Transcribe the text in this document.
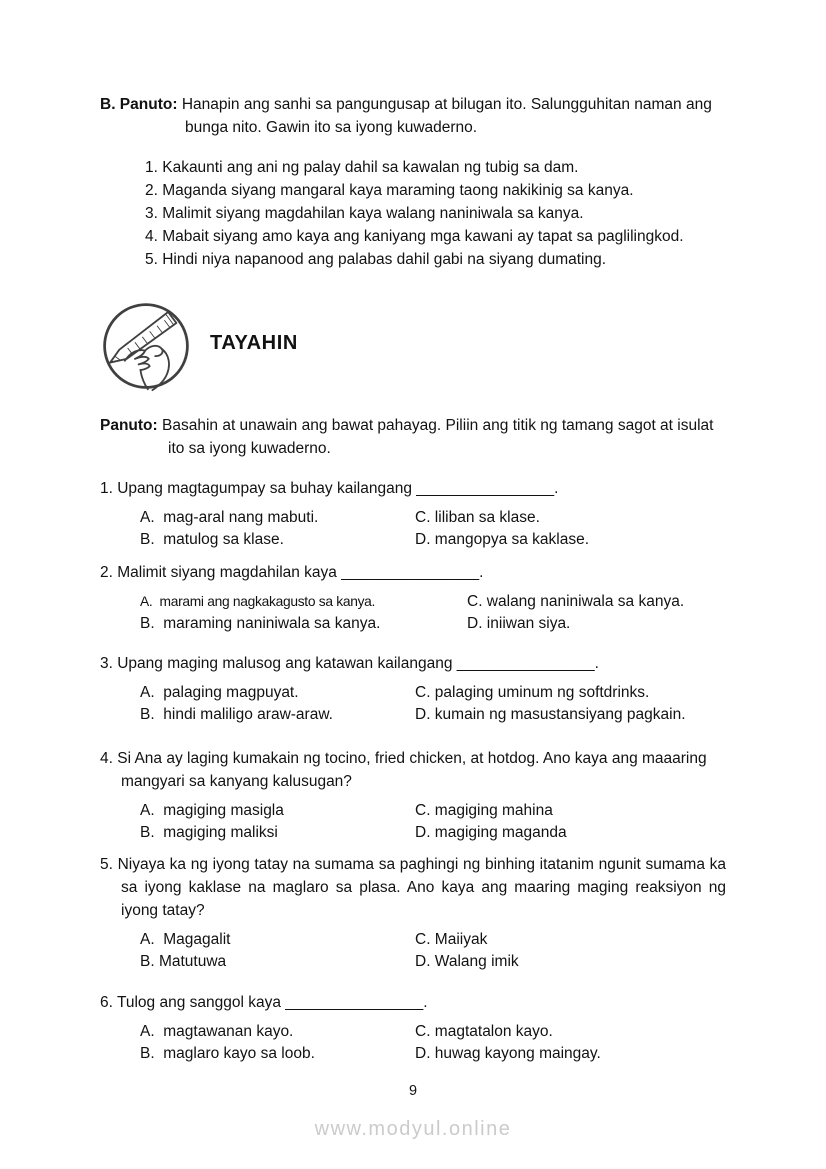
B. Panuto: Hanapin ang sanhi sa pangungusap at bilugan ito. Salungguhitan naman ang bunga nito. Gawin ito sa iyong kuwaderno.

1. Kakaunti ang ani ng palay dahil sa kawalan ng tubig sa dam.
2. Maganda siyang mangaral kaya maraming taong nakikinig sa kanya.
3. Malimit siyang magdahilan kaya walang naniniwala sa kanya.
4. Mabait siyang amo kaya ang kaniyang mga kawani ay tapat sa paglilingkod.
5. Hindi niya napanood ang palabas dahil gabi na siyang dumating.
TAYAHIN

Panuto: Basahin at unawain ang bawat pahayag. Piliin ang titik ng tamang sagot at isulat ito sa iyong kuwaderno.

1. Upang magtagumpay sa buhay kailangang ________________.
A.  mag-aral nang mabuti.	C. liliban sa klase.
B.  matulog sa klase.	D. mangopya sa kaklase.
2. Malimit siyang magdahilan kaya ________________.
A.  marami ang nagkakagusto sa kanya.	C. walang naniniwala sa kanya.
B.  maraming naniniwala sa kanya.	D. iniiwan siya.
3. Upang maging malusog ang katawan kailangang ________________.
A.  palaging magpuyat.	C. palaging uminum ng softdrinks.
B.  hindi maliligo araw-araw.	D. kumain ng masustansiyang pagkain.
4. Si Ana ay laging kumakain ng tocino, fried chicken, at hotdog. Ano kaya ang maaaring mangyari sa kanyang kalusugan?
A.  magiging masigla	C. magiging mahina
B.  magiging maliksi	D. magiging maganda
5. Niyaya ka ng iyong tatay na sumama sa paghingi ng binhing itatanim ngunit sumama ka sa iyong kaklase na maglaro sa plasa. Ano kaya ang maaring maging reaksiyon ng iyong tatay?
A.  Magagalit	C. Maiiyak
B. Matutuwa	D. Walang imik
6. Tulog ang sanggol kaya ________________.
A.  magtawanan kayo.	C. magtatalon kayo.
B.  maglaro kayo sa loob.	D. huwag kayong maingay.
9
www.modyul.online
